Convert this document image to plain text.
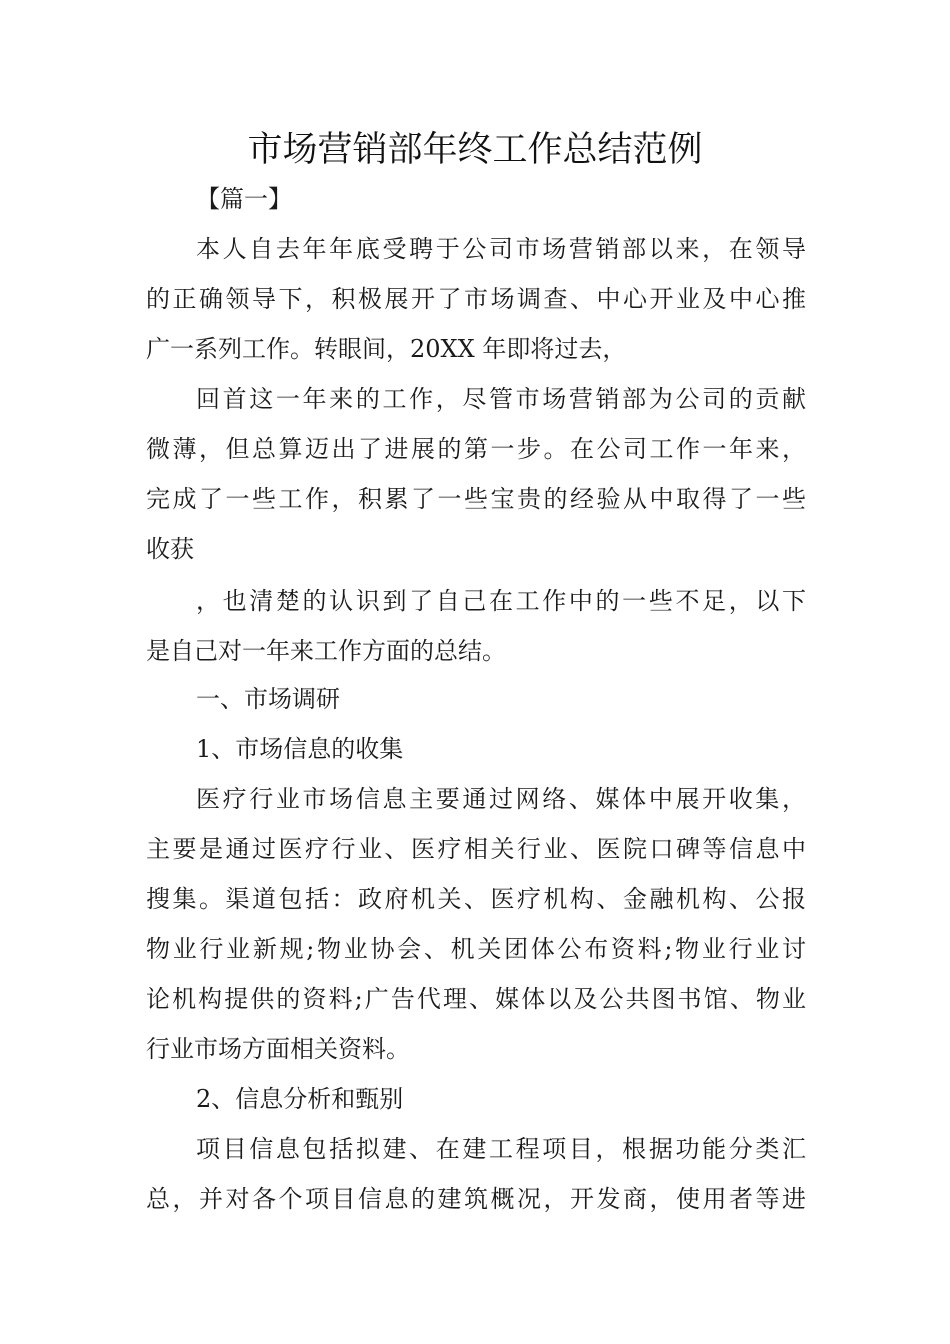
市场营销部年终工作总结范例
【篇一】
本人自去年年底受聘于公司市场营销部以来，在领导
的正确领导下，积极展开了市场调查、中心开业及中心推
广一系列工作。转眼间，20XX 年即将过去，
回首这一年来的工作，尽管市场营销部为公司的贡献
微薄，但总算迈出了进展的第一步。在公司工作一年来，
完成了一些工作，积累了一些宝贵的经验从中取得了一些
收获
，也清楚的认识到了自己在工作中的一些不足，以下
是自己对一年来工作方面的总结。
一、市场调研
1、市场信息的收集
医疗行业市场信息主要通过网络、媒体中展开收集，
主要是通过医疗行业、医疗相关行业、医院口碑等信息中
搜集。渠道包括：政府机关、医疗机构、金融机构、公报
物业行业新规;物业协会、机关团体公布资料;物业行业讨
论机构提供的资料;广告代理、媒体以及公共图书馆、物业
行业市场方面相关资料。
2、信息分析和甄别
项目信息包括拟建、在建工程项目，根据功能分类汇
总，并对各个项目信息的建筑概况，开发商，使用者等进
